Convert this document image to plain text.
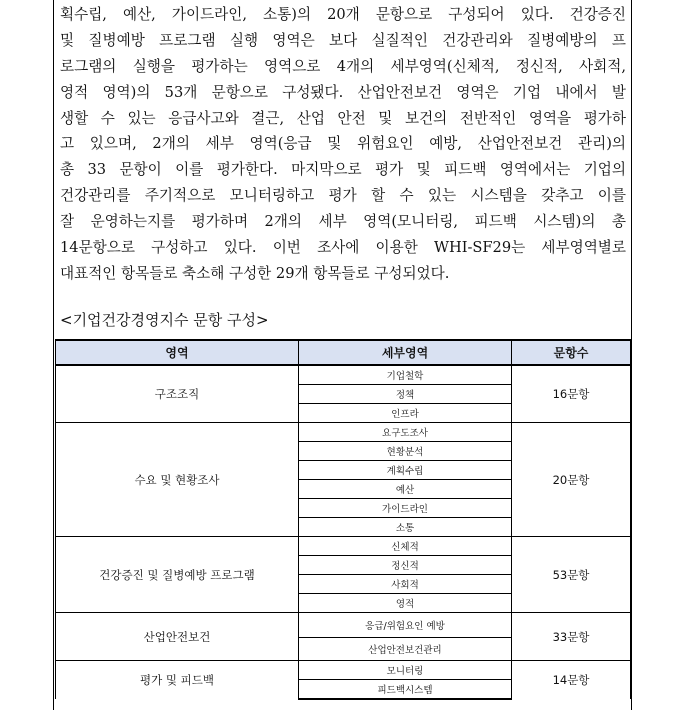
획수립, 예산, 가이드라인, 소통)의 20개 문항으로 구성되어 있다. 건강증진
및 질병예방 프로그램 실행 영역은 보다 실질적인 건강관리와 질병예방의 프
로그램의 실행을 평가하는 영역으로 4개의 세부영역(신체적, 정신적, 사회적,
영적 영역)의 53개 문항으로 구성됐다. 산업안전보건 영역은 기업 내에서 발
생할 수 있는 응급사고와 결근, 산업 안전 및 보건의 전반적인 영역을 평가하
고 있으며, 2개의 세부 영역(응급 및 위험요인 예방, 산업안전보건 관리)의
총 33 문항이 이를 평가한다. 마지막으로 평가 및 피드백 영역에서는 기업의
건강관리를 주기적으로 모니터링하고 평가 할 수 있는 시스템을 갖추고 이를
잘 운영하는지를 평가하며 2개의 세부 영역(모니터링, 피드백 시스템)의 총
14문항으로 구성하고 있다. 이번 조사에 이용한 WHI-SF29는 세부영역별로
대표적인 항목들로 축소해 구성한 29개 항목들로 구성되었다.
<기업건강경영지수 문항 구성>
영역	세부영역	문항수
구조조직	기업철학	16문항
	정책	
	인프라	
수요 및 현황조사	요구도조사	20문항
	현황분석	
	계획수립	
	예산	
	가이드라인	
	소통	
건강증진 및 질병예방 프로그램	신체적	53문항
	정신적	
	사회적	
	영적	
산업안전보건	응급/위험요인 예방	33문항
	산업안전보건관리	
평가 및 피드백	모니터링	14문항
	피드백시스템	
